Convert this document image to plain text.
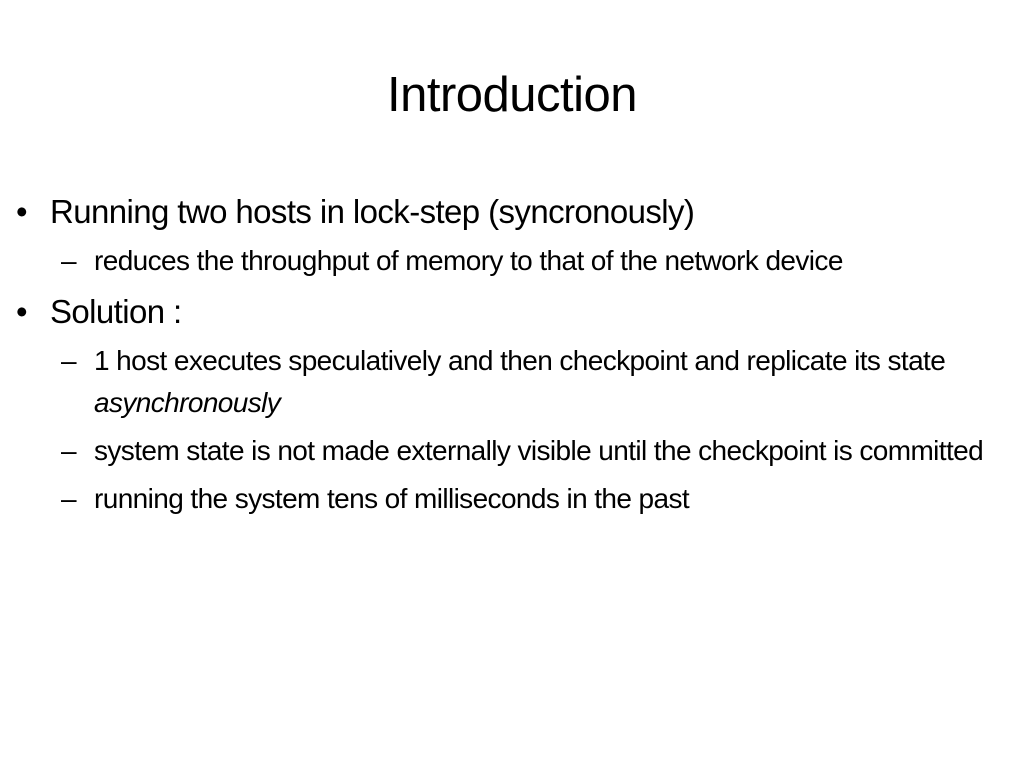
Introduction
• Running two hosts in lock-step (syncronously)
– reduces the throughput of memory to that of the network device
• Solution :
– 1 host executes speculatively and then checkpoint and replicate its state asynchronously
– system state is not made externally visible until the checkpoint is committed
– running the system tens of milliseconds in the past
